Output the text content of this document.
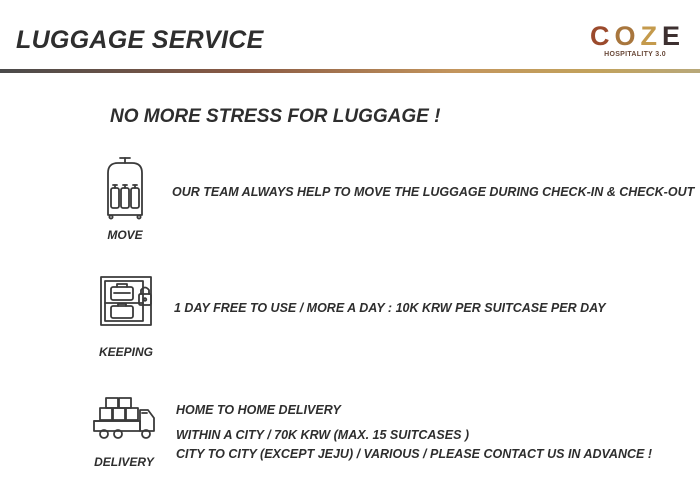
LUGGAGE SERVICE	COZE
HOSPITALITY 3.0
NO MORE STRESS FOR LUGGAGE !
MOVE
OUR TEAM ALWAYS HELP TO MOVE THE LUGGAGE DURING CHECK-IN & CHECK-OUT
KEEPING
1 DAY FREE TO USE / MORE A DAY : 10K KRW PER SUITCASE PER DAY
DELIVERY
HOME TO HOME DELIVERY
WITHIN A CITY / 70K KRW (MAX. 15 SUITCASES )
CITY TO CITY (EXCEPT JEJU) / VARIOUS / PLEASE CONTACT US IN ADVANCE !
